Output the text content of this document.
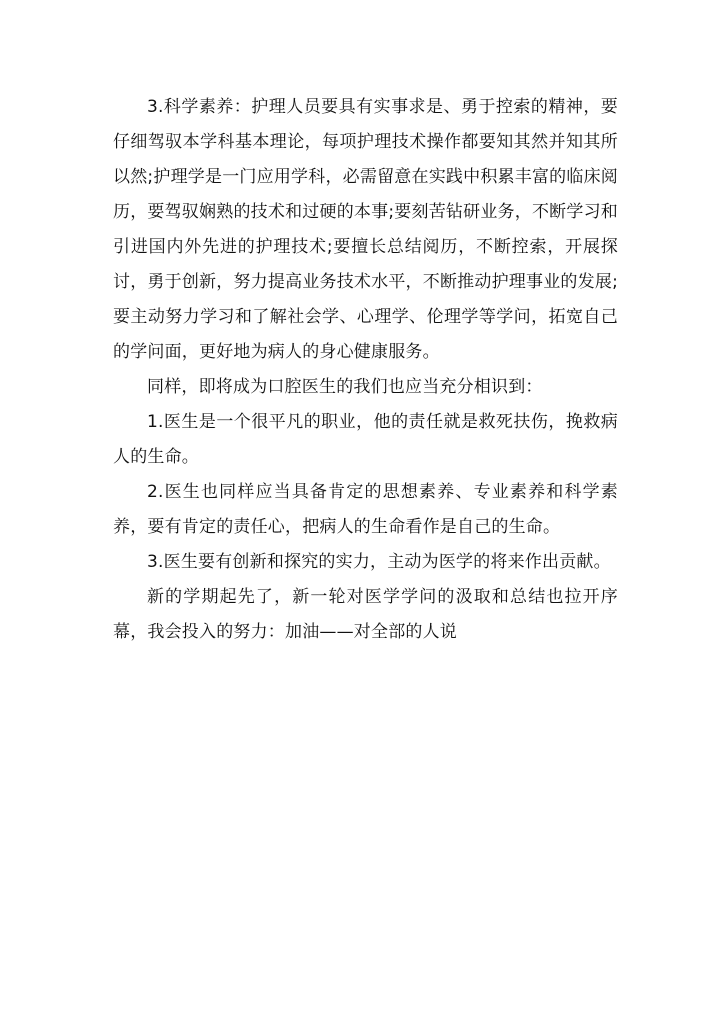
3.科学素养：护理人员要具有实事求是、勇于控索的精神，要仔细驾驭本学科基本理论，每项护理技术操作都要知其然并知其所以然;护理学是一门应用学科，必需留意在实践中积累丰富的临床阅历，要驾驭娴熟的技术和过硬的本事;要刻苦钻研业务，不断学习和引进国内外先进的护理技术;要擅长总结阅历，不断控索，开展探讨，勇于创新，努力提高业务技术水平，不断推动护理事业的发展;要主动努力学习和了解社会学、心理学、伦理学等学问，拓宽自己的学问面，更好地为病人的身心健康服务。

同样，即将成为口腔医生的我们也应当充分相识到：

1.医生是一个很平凡的职业，他的责任就是救死扶伤，挽救病人的生命。

2.医生也同样应当具备肯定的思想素养、专业素养和科学素养，要有肯定的责任心，把病人的生命看作是自己的生命。

3.医生要有创新和探究的实力，主动为医学的将来作出贡献。

新的学期起先了，新一轮对医学学问的汲取和总结也拉开序幕，我会投入的努力：加油——对全部的人说
